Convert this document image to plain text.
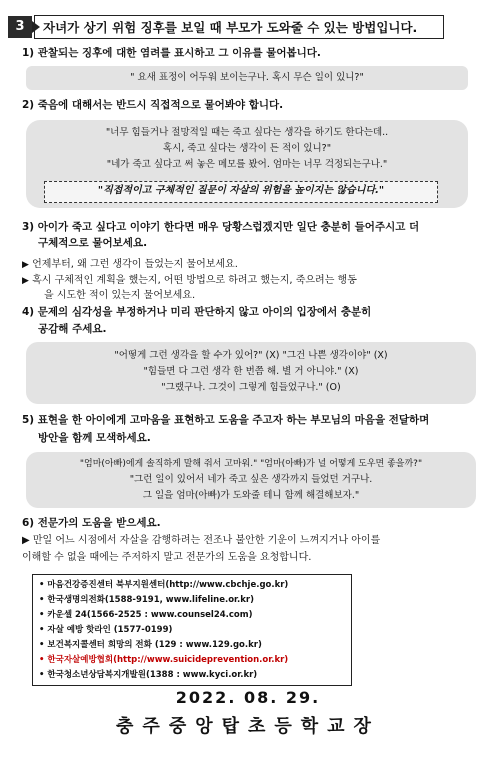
3	자녀가 상기 위험 징후를 보일 때 부모가 도와줄 수 있는 방법입니다.
1) 관찰되는 징후에 대한 염려를 표시하고 그 이유를 물어봅니다.
" 요새 표정이 어두워 보이는구나. 혹시 무슨 일이 있니?"
2) 죽음에 대해서는 반드시 직접적으로 물어봐야 합니다.
"너무 힘들거나 절망적일 때는 죽고 싶다는 생각을 하기도 한다는데..
혹시, 죽고 싶다는 생각이 든 적이 있니?"
"네가 죽고 싶다고 써 놓은 메모를 봤어. 엄마는 너무 걱정되는구나."
"직접적이고 구체적인 질문이 자살의 위험을 높이지는 않습니다."
3) 아이가 죽고 싶다고 이야기 한다면 매우 당황스럽겠지만 일단 충분히 들어주시고 더
구체적으로 물어보세요.
▶ 언제부터, 왜 그런 생각이 들었는지 물어보세요.
▶ 혹시 구체적인 계획을 했는지, 어떤 방법으로 하려고 했는지, 죽으려는 행동
을 시도한 적이 있는지 물어보세요.
4) 문제의 심각성을 부정하거나 미리 판단하지 않고 아이의 입장에서 충분히
공감해 주세요.
"어떻게 그런 생각을 할 수가 있어?" (X) "그건 나쁜 생각이야" (X)
"힘들면 다 그런 생각 한 번쯤 해. 별 거 아니야." (X)
"그랬구나. 그것이 그렇게 힘들었구나." (O)
5) 표현을 한 아이에게 고마움을 표현하고 도움을 주고자 하는 부모님의 마음을 전달하며
방안을 함께 모색하세요.
"엄마(아빠)에게 솔직하게 말해 줘서 고마워." "엄마(아빠)가 널 어떻게 도우면 좋을까?"
"그런 일이 있어서 네가 죽고 싶은 생각까지 들었던 거구나.
그 일을 엄마(아빠)가 도와줄 테니 함께 해결해보자."
6) 전문가의 도움을 받으세요.
▶ 만일 어느 시점에서 자살을 감행하려는 전조나 불안한 기운이 느껴지거나 아이를
이해할 수 없을 때에는 주저하지 말고 전문가의 도움을 요청합니다.
• 마음건강증진센터 북부지원센터(http://www.cbchje.go.kr)
• 한국생명의전화(1588-9191, www.lifeline.or.kr)
• 카운셀 24(1566-2525 : www.counsel24.com)
• 자살 예방 핫라인 (1577-0199)
• 보건복지콜센터 희망의 전화 (129 : www.129.go.kr)
• 한국자살예방협회(http://www.suicideprevention.or.kr)
• 한국청소년상담복지개발원(1388 : www.kyci.or.kr)
2022. 08. 29.
충주중앙탑초등학교장
